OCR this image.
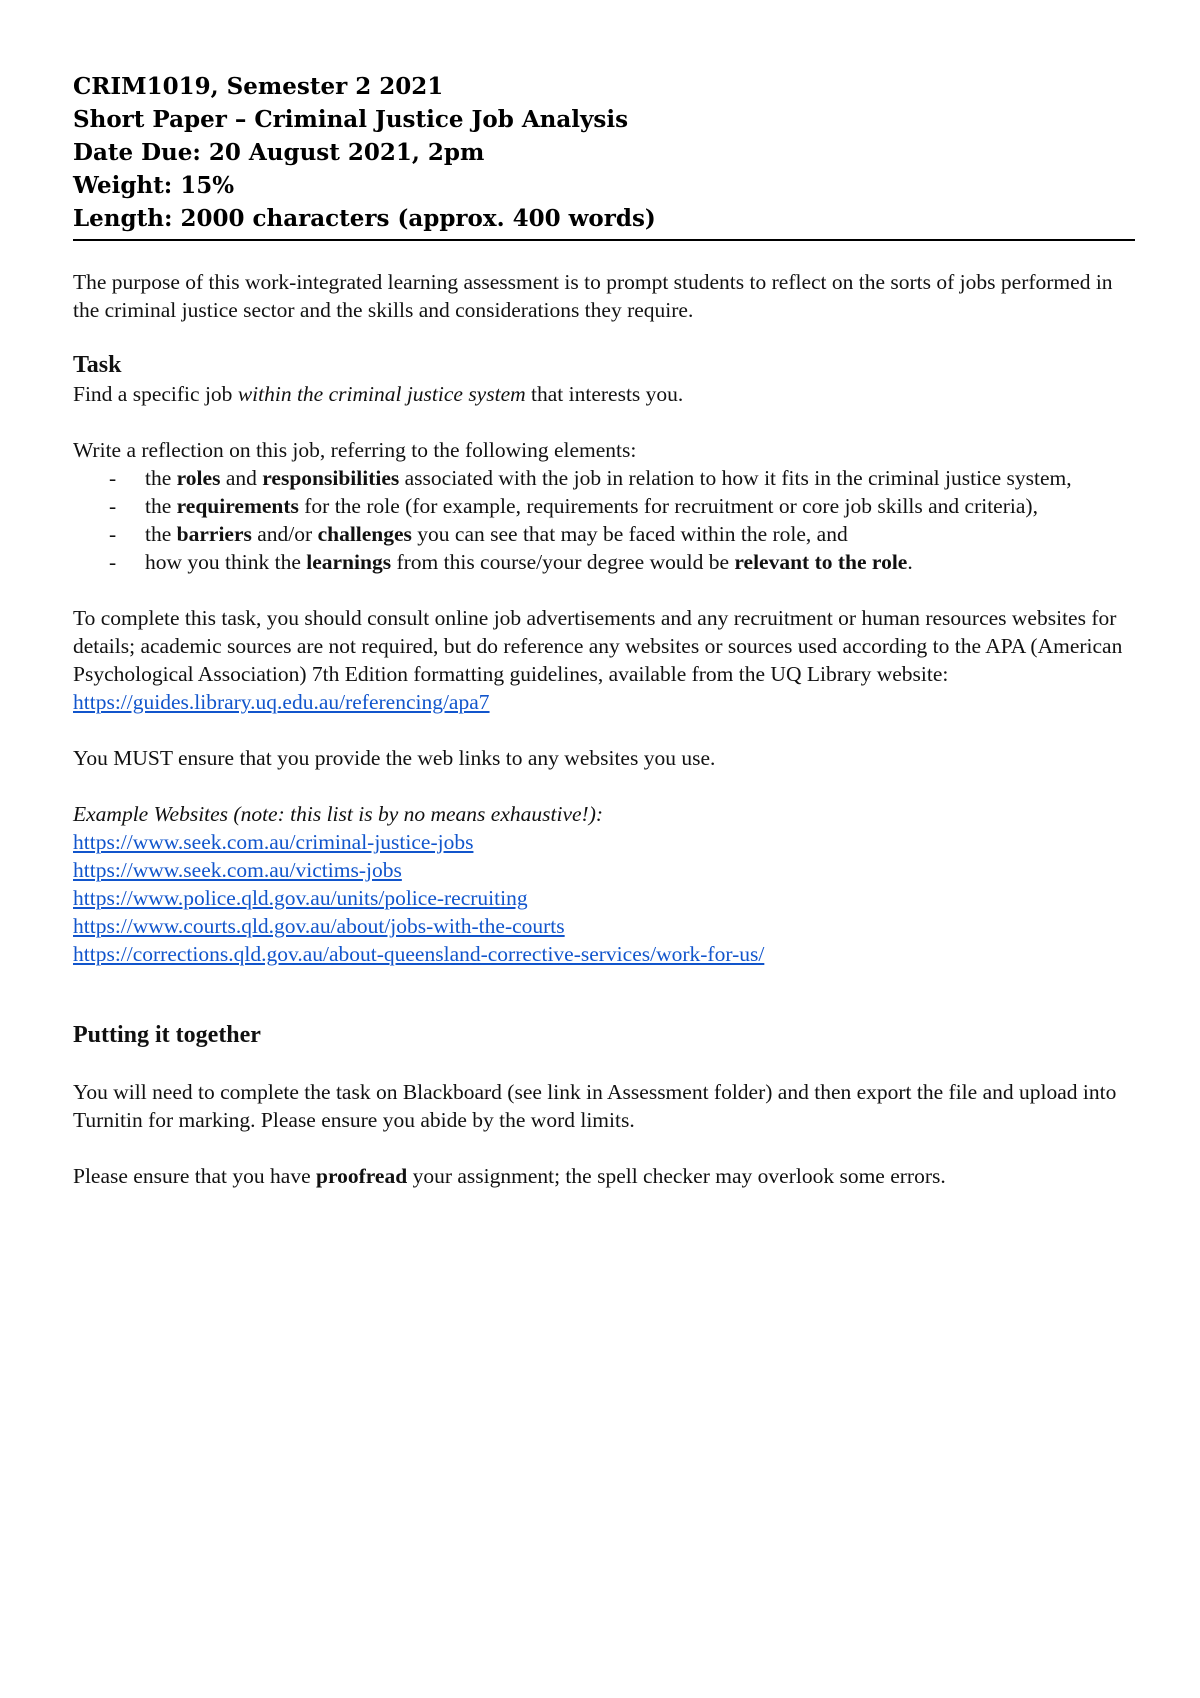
CRIM1019, Semester 2 2021
Short Paper – Criminal Justice Job Analysis
Date Due: 20 August 2021, 2pm
Weight: 15%
Length: 2000 characters (approx. 400 words)

The purpose of this work-integrated learning assessment is to prompt students to reflect on the sorts of jobs performed in the criminal justice sector and the skills and considerations they require.

Task

Find a specific job within the criminal justice system that interests you.

Write a reflection on this job, referring to the following elements:

- the roles and responsibilities associated with the job in relation to how it fits in the criminal justice system,
- the requirements for the role (for example, requirements for recruitment or core job skills and criteria),
- the barriers and/or challenges you can see that may be faced within the role, and
- how you think the learnings from this course/your degree would be relevant to the role.

To complete this task, you should consult online job advertisements and any recruitment or human resources websites for details; academic sources are not required, but do reference any websites or sources used according to the APA (American Psychological Association) 7th Edition formatting guidelines, available from the UQ Library website: https://guides.library.uq.edu.au/referencing/apa7

You MUST ensure that you provide the web links to any websites you use.

Example Websites (note: this list is by no means exhaustive!):

https://www.seek.com.au/criminal-justice-jobs

https://www.seek.com.au/victims-jobs

https://www.police.qld.gov.au/units/police-recruiting

https://www.courts.qld.gov.au/about/jobs-with-the-courts

https://corrections.qld.gov.au/about-queensland-corrective-services/work-for-us/

Putting it together

You will need to complete the task on Blackboard (see link in Assessment folder) and then export the file and upload into Turnitin for marking. Please ensure you abide by the word limits.

Please ensure that you have proofread your assignment; the spell checker may overlook some errors.
